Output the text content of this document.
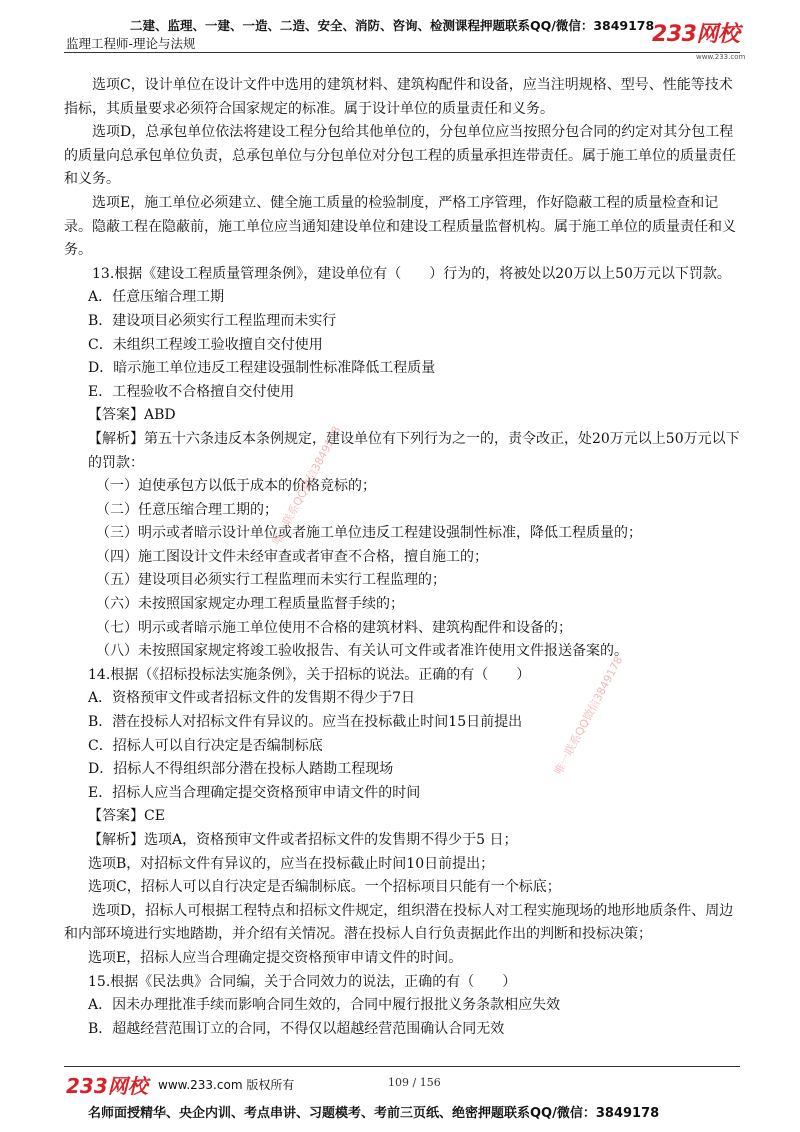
二建、监理、一建、一造、二造、安全、消防、咨询、检测课程押题联系QQ/微信：3849178
监理工程师-理论与法规	233网校
www.233.com

选项C，设计单位在设计文件中选用的建筑材料、建筑构配件和设备，应当注明规格、型号、性能等技术指标，其质量要求必须符合国家规定的标准。属于设计单位的质量责任和义务。

选项D，总承包单位依法将建设工程分包给其他单位的，分包单位应当按照分包合同的约定对其分包工程的质量向总承包单位负责，总承包单位与分包单位对分包工程的质量承担连带责任。属于施工单位的质量责任和义务。

选项E，施工单位必须建立、健全施工质量的检验制度，严格工序管理，作好隐蔽工程的质量检查和记录。隐蔽工程在隐蔽前，施工单位应当通知建设单位和建设工程质量监督机构。属于施工单位的质量责任和义务。

13.根据《建设工程质量管理条例》，建设单位有（　　）行为的，将被处以20万以上50万元以下罚款。

A．任意压缩合理工期

B．建设项目必须实行工程监理而未实行

C．未组织工程竣工验收擅自交付使用

D．暗示施工单位违反工程建设强制性标准降低工程质量

E．工程验收不合格擅自交付使用

【答案】ABD

【解析】第五十六条违反本条例规定，建设单位有下列行为之一的，责令改正，处20万元以上50万元以下的罚款：

（一）迫使承包方以低于成本的价格竞标的；

（二）任意压缩合理工期的；

（三）明示或者暗示设计单位或者施工单位违反工程建设强制性标准，降低工程质量的；

（四）施工图设计文件未经审查或者审查不合格，擅自施工的；

（五）建设项目必须实行工程监理而未实行工程监理的；

（六）未按照国家规定办理工程质量监督手续的；

（七）明示或者暗示施工单位使用不合格的建筑材料、建筑构配件和设备的；

（八）未按照国家规定将竣工验收报告、有关认可文件或者准许使用文件报送备案的。

14.根据（《招标投标法实施条例》，关于招标的说法。正确的有（　　）

A．资格预审文件或者招标文件的发售期不得少于7日

B．潜在投标人对招标文件有异议的。应当在投标截止时间15日前提出

C．招标人可以自行决定是否编制标底

D．招标人不得组织部分潜在投标人踏勘工程现场

E．招标人应当合理确定提交资格预审申请文件的时间

【答案】CE

【解析】选项A，资格预审文件或者招标文件的发售期不得少于5 日；

选项B，对招标文件有异议的，应当在投标截止时间10日前提出；

选项C，招标人可以自行决定是否编制标底。一个招标项目只能有一个标底；

选项D，招标人可根据工程特点和招标文件规定，组织潜在投标人对工程实施现场的地形地质条件、周边和内部环境进行实地踏勘，并介绍有关情况。潜在投标人自行负责据此作出的判断和投标决策；

选项E，招标人应当合理确定提交资格预审申请文件的时间。

15.根据《民法典》合同编，关于合同效力的说法，正确的有（　　）

A．因未办理批准手续而影响合同生效的，合同中履行报批义务条款相应失效

B．超越经营范围订立的合同，不得仅以超越经营范围确认合同无效

唯一联系QQ微信3849178
唯一联系QQ微信3849178
233网校 www.233.com 版权所有	109 / 156
名师面授精华、央企内训、考点串讲、习题模考、考前三页纸、绝密押题联系QQ/微信：3849178
